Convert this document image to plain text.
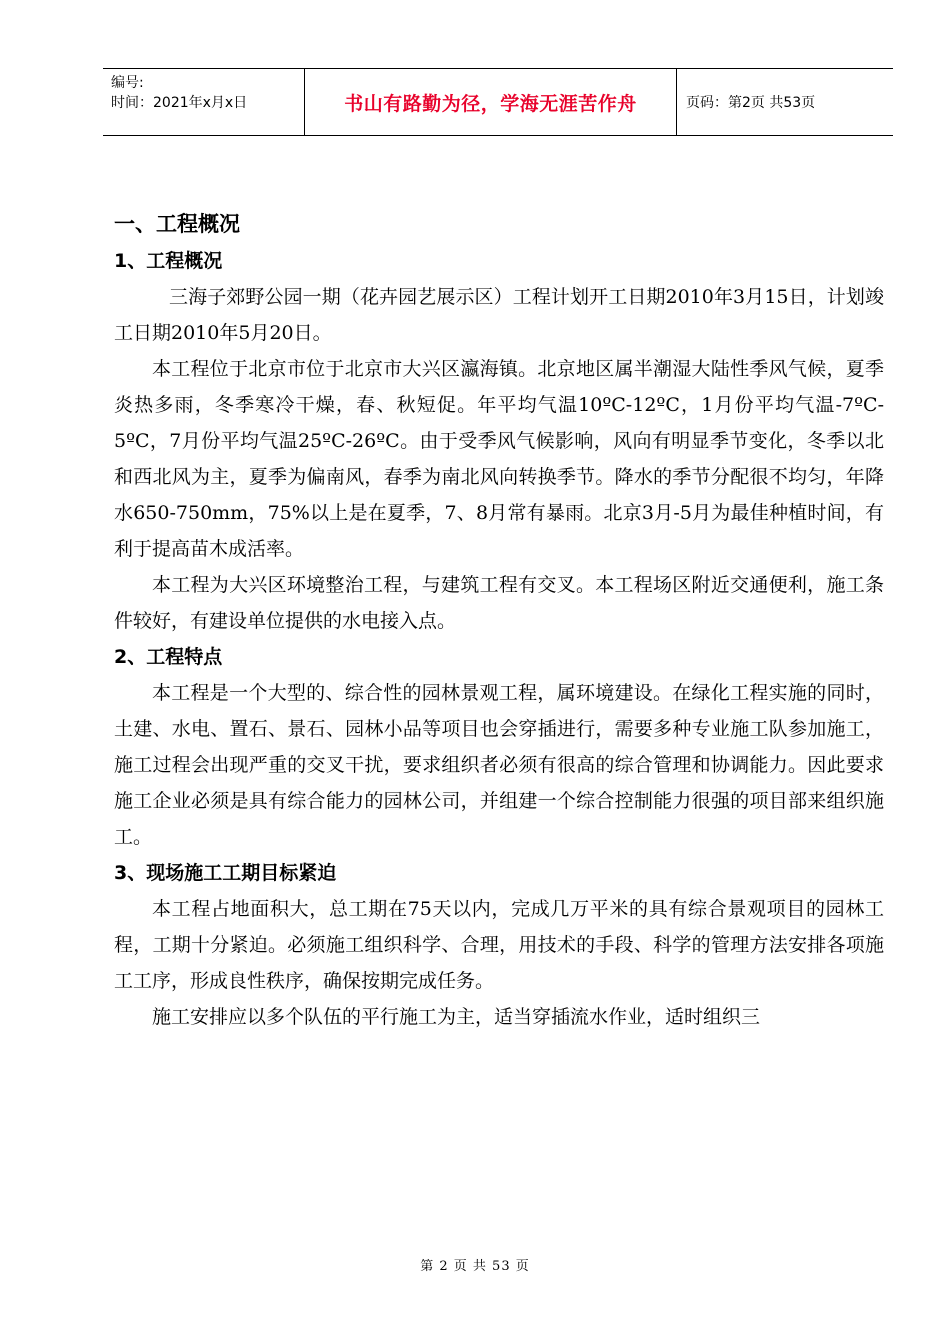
编号:
时间：2021年x月x日	书山有路勤为径，学海无涯苦作舟	页码：第2页 共53页
一、工程概况
1、工程概况

三海子郊野公园一期（花卉园艺展示区）工程计划开工日期2010年3月15日，计划竣工日期2010年5月20日。

本工程位于北京市位于北京市大兴区瀛海镇。北京地区属半潮湿大陆性季风气候，夏季炎热多雨，冬季寒冷干燥，春、秋短促。年平均气温10ºC-12ºC，1月份平均气温-7ºC-5ºC，7月份平均气温25ºC-26ºC。由于受季风气候影响，风向有明显季节变化，冬季以北和西北风为主，夏季为偏南风，春季为南北风向转换季节。降水的季节分配很不均匀，年降水650-750mm，75%以上是在夏季，7、8月常有暴雨。北京3月-5月为最佳种植时间，有利于提高苗木成活率。

本工程为大兴区环境整治工程，与建筑工程有交叉。本工程场区附近交通便利，施工条件较好，有建设单位提供的水电接入点。

2、工程特点

本工程是一个大型的、综合性的园林景观工程，属环境建设。在绿化工程实施的同时，土建、水电、置石、景石、园林小品等项目也会穿插进行，需要多种专业施工队参加施工，施工过程会出现严重的交叉干扰，要求组织者必须有很高的综合管理和协调能力。因此要求施工企业必须是具有综合能力的园林公司，并组建一个综合控制能力很强的项目部来组织施工。

3、现场施工工期目标紧迫

本工程占地面积大，总工期在75天以内，完成几万平米的具有综合景观项目的园林工程，工期十分紧迫。必须施工组织科学、合理，用技术的手段、科学的管理方法安排各项施工工序，形成良性秩序，确保按期完成任务。

施工安排应以多个队伍的平行施工为主，适当穿插流水作业，适时组织三

第 2 页 共 53 页
